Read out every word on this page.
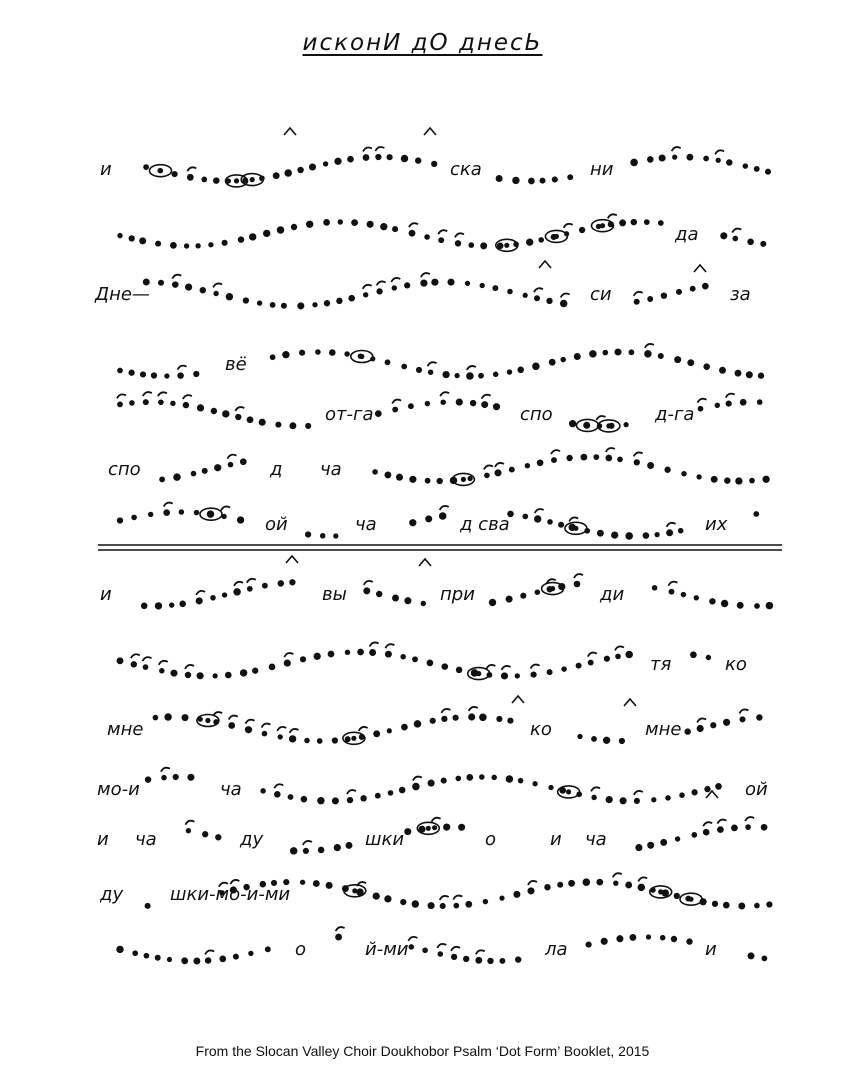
исконИ дО днесЬ
и	ска	ни
да
Дне—	си	за
вё
от-га	спо	д-га
спо	д ча
ой	ча	д сва	их
и	вы	при	ди
тя	ко
мне	ко	мне
мо-и	ча	ой
и ча	ду	шки	о	и ча
ду	шки-мо-и-ми
о	й-ми	ла	и
From the Slocan Valley Choir Doukhobor Psalm ‘Dot Form’ Booklet, 2015
